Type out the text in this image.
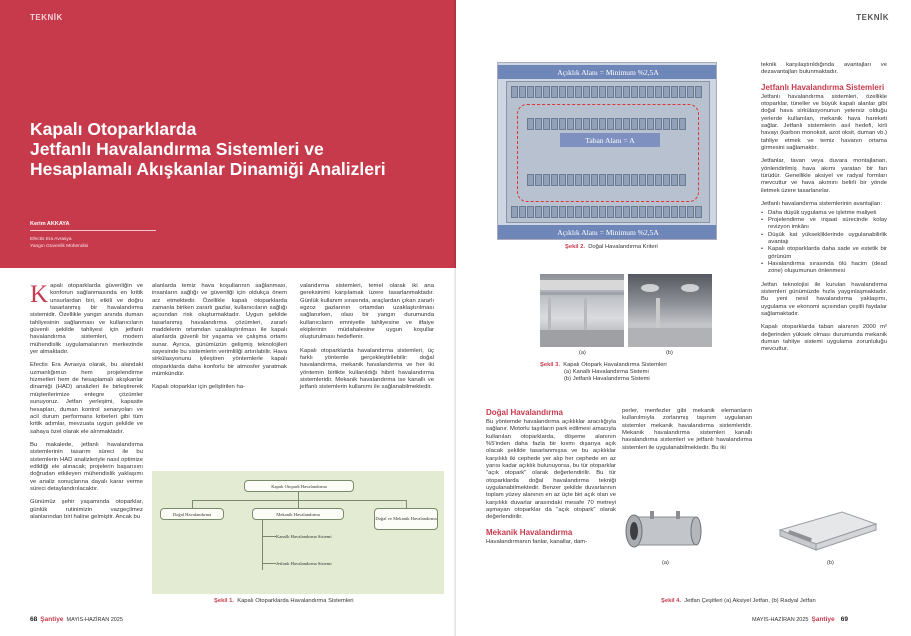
TEKNİK
Kapalı Otoparklarda
Jetfanlı Havalandırma Sistemleri ve
Hesaplamalı Akışkanlar Dinamiği Analizleri
Kerim AKKAYA
Efectis Era Avrasya
Yangın Güvenlik Mühendisi

Kapalı otoparklarda güvenliğin ve konforun sağlanmasında en kritik unsurlardan biri, etkili ve doğru tasarlanmış bir havalandırma sistemidir. Özellikle yangın anında duman tahliyesinin sağlanması ve kullanıcıların güvenli şekilde tahliyesi için jetfanlı havalandırma sistemleri, modern mühendislik uygulamalarının merkezinde yer almaktadır.

Efectis Era Avrasya olarak, bu alandaki uzmanlığımızı hem projelendirme hizmetleri hem de hesaplamalı akışkanlar dinamiği (HAD) analizleri ile birleştirerek müşterilerimize entegre çözümler sunuyoruz. Jetfan yerleşimi, kapasite hesapları, duman kontrol senaryoları ve acil durum performans kriterleri gibi tüm kritik adımlar, mevzuata uygun şekilde ve sahaya özel olarak ele alınmaktadır.

Bu makalede, jetfanlı havalandırma sistemlerinin tasarım süreci ile bu sistemlerin HAD analizleriyle nasıl optimize edildiği ele alınacak; projelerin başarısını doğrudan etkileyen mühendislik yaklaşımı ve analiz sonuçlarına dayalı karar verme süreci detaylandırılacaktır.

Günümüz şehir yaşamında otoparklar, günlük rutinimizin vazgeçilmez alanlarından biri haline gelmiştir. Ancak bu

alanlarda temiz hava koşullarının sağlanması, insanların sağlığı ve güvenliği için oldukça önem arz etmektedir. Özellikle kapalı otoparklarda zamanla biriken zararlı gazlar, kullanıcıların sağlığı açısından risk oluşturmaktadır. Uygun şekilde tasarlanmış havalandırma çözümleri, zararlı maddelerin ortamdan uzaklaştırılması ile kapalı alanlarda güvenli bir yaşama ve çalışma ortamı sunar. Ayrıca, günümüzün gelişmiş teknolojileri sayesinde bu sistemlerin verimliliği artırılabilir. Hava sirkülasyonunu iyileştiren yöntemlerle kapalı otoparklarda daha konforlu bir atmosfer yaratmak mümkündür.

Kapalı otoparklar için geliştirilen ha-

valandırma sistemleri, temel olarak iki ana gereksinimi karşılamak üzere tasarlanmaktadır. Günlük kullanım sırasında, araçlardan çıkan zararlı egzoz gazlarının ortamdan uzaklaştırılması sağlanırken, olası bir yangın durumunda kullanıcıların emniyetle tahliyesine ve itfaiye ekiplerinin müdahalesine uygun koşullar oluşturulması hedeflenir.

Kapalı otoparklarda havalandırma sistemleri, üç farklı yöntemle gerçekleştirilebilir: doğal havalandırma, mekanik havalandırma ve her iki yöntemin birlikte kullanıldığı hibrit havalandırma sistemleridir. Mekanik havalandırma ise kanallı ve jetfanlı sistemlerin kullanımı ile sağlanabilmektedir.

Kapalı Otopark Havalandırma
Doğal Havalandırma	Mekanik Havalandırma
Doğal ve Mekanik Havalandırma
Kanallı Havalandırma Sistemi
Jetfanlı Havalandırma Sistemi
Şekil 1. Kapalı Otoparklarda Havalandırma Sistemleri
68 Şantiye MAYIS-HAZİRAN 2025
TEKNİK
Açıklık Alanı = Minimum %2,5A
Taban Alanı = A
Açıklık Alanı = Minimum %2,5A
Şekil 2. Doğal Havalandırma Kriteri
(a)	(b)
Şekil 3. Kapalı Otopark Havalandırma Sistemleri
(a) Kanallı Havalandırma Sistemi
(b) Jetfanlı Havalandırma Sistemi
Doğal Havalandırma

Bu yöntemde havalandırma açıklıklar aracılığıyla sağlanır. Motorlu taşıtların park edilmesi amacıyla kullanılan otoparklarda, döşeme alanının %5'inden daha fazla bir kısmı dışarıya açık olacak şekilde tasarlanmışsa ve bu açıklıklar karşılıklı iki cephede yer alıp her cephede en az yarısı kadar açıklık bulunuyorsa, bu tür otoparklar "açık otopark" olarak değerlendirilir. Bu tür otoparklarda doğal havalandırma tekniği uygulanabilmektedir. Benzer şekilde duvarlarının toplam yüzey alanının en az üçte biri açık olan ve karşılıklı duvarlar arasındaki mesafe 70 metreyi aşmayan otoparklar da "açık otopark" olarak değerlendirilir.

Mekanik Havalandırma

Havalandırmanın fanlar, kanallar, dam-

perler, menfezler gibi mekanik elemanların kullanılmıyla zorlanmış taşınım uygulanan sistemler mekanik havalandırma sistemleridir. Mekanik havalandırma sistemleri kanallı havalandırma sistemleri ve jetfanlı havalandırma sistemleri ile uygulanabilmektedir. Bu iki

teknik karşılaştırıldığında avantajları ve dezavantajları bulunmaktadır.

Jetfanlı Havalandırma Sistemleri

Jetfanlı havalandırma sistemleri, özellikle otoparklar, tüneller ve büyük kapalı alanlar gibi doğal hava sirkülasyonunun yetersiz olduğu yerlerde kullanılan, mekanik hava hareketi sağlar. Jetfanlı sistemlerin asıl hedefi, kirli havayı (karbon monoksit, azot oksit, duman vb.) tahliye etmek ve temiz havanın ortama girmesini sağlamaktır.

Jetfanlar, tavan veya duvara montajlanan, yönlendirilmiş hava akımı yaratan bir fan türüdür. Genellikle aksiyel ve radyal formları mevcuttur ve hava akımını belirli bir yönde iletmek üzere tasarlanırlar.

Jetfanlı havalandırma sistemlerinin avantajları:

• Daha düşük uygulama ve işletme maliyeti
• Projelendirme ve inşaat sürecinde kolay revizyon imkânı
• Düşük kat yüksekliklerinde uygulanabilirlik avantajı
• Kapalı otoparklarda daha sade ve estetik bir görünüm
• Havalandırma sırasında ölü hacim (dead zone) oluşumunun önlenmesi

Jetfan teknolojisi ile kurulan havalandırma sistemleri günümüzde hızla yaygınlaşmaktadır. Bu yeni nesil havalandırma yaklaşımı, uygulama ve ekonomi açısından çeşitli faydalar sağlamaktadır.

Kapalı otoparklarda taban alanının 2000 m² değerinden yüksek olması durumunda mekanik duman tahliye sistemi uygulama zorunluluğu mevcuttur.

(a)	(b)
Şekil 4. Jetfan Çeşitleri (a) Aksiyel Jetfan, (b) Radyal Jetfan
MAYIS-HAZİRAN 2025 Şantiye 69
